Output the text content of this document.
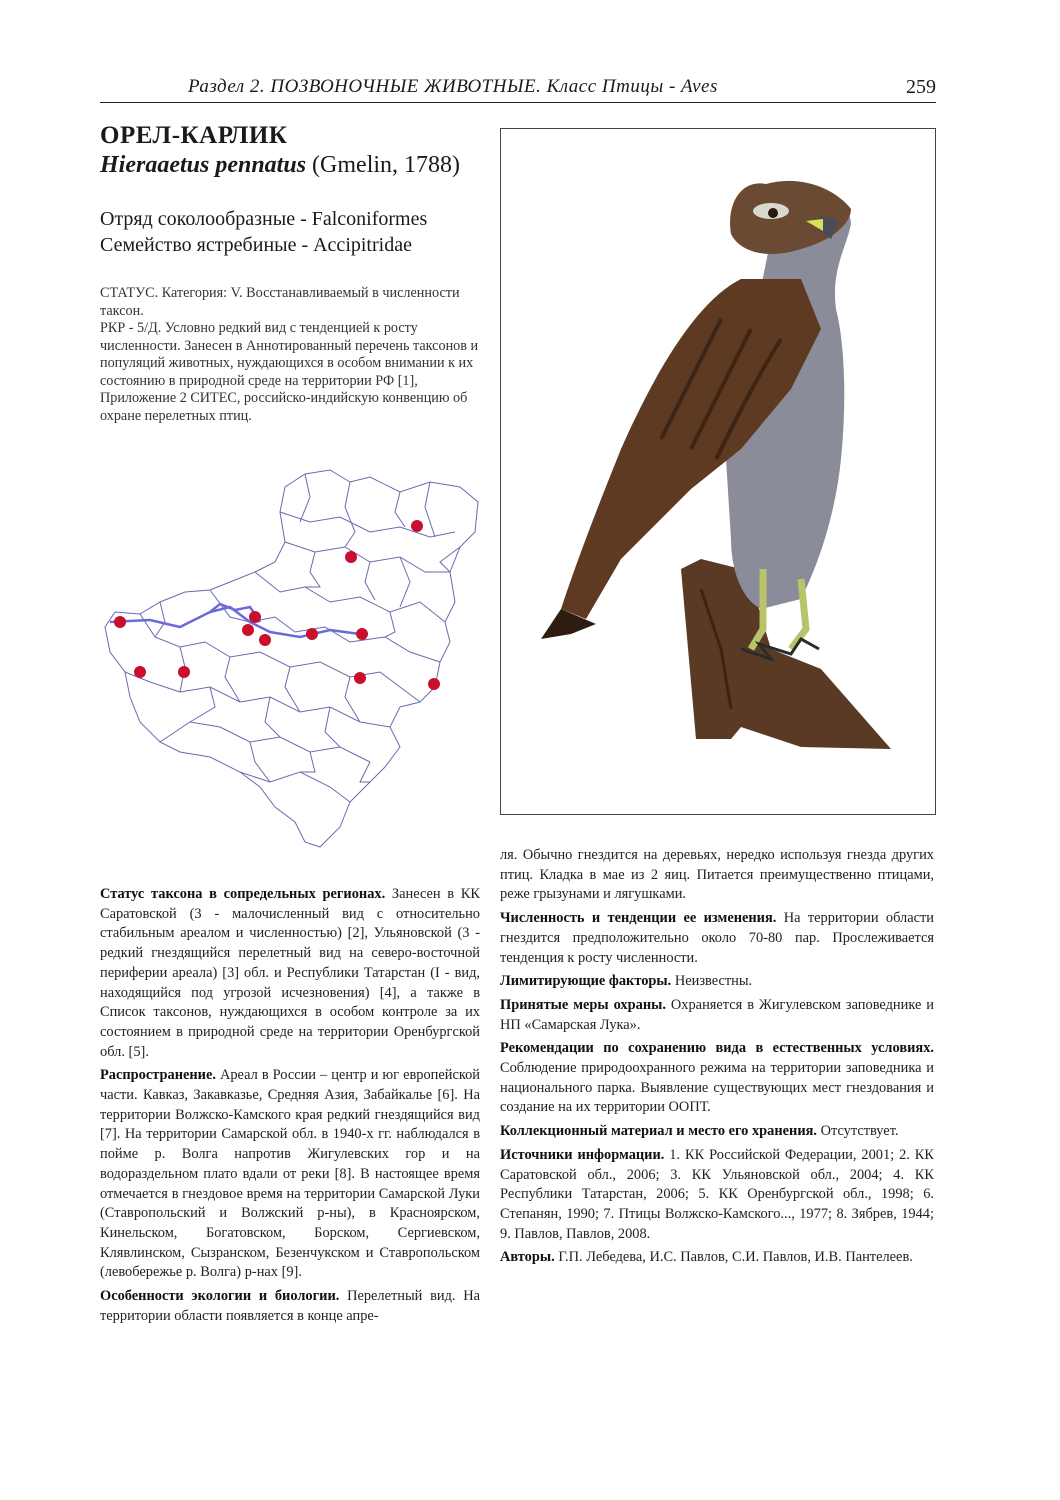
Раздел 2. ПОЗВОНОЧНЫЕ ЖИВОТНЫЕ. Класс Птицы - Aves	259
ОРЕЛ-КАРЛИК
Hieraaetus pennatus (Gmelin, 1788)
Отряд соколообразные - Falconiformes
Семейство ястребиные - Accipitridae

СТАТУС. Категория: V. Восстанавливаемый в численности таксон.

РКР - 5/Д. Условно редкий вид с тенденцией к росту численности. Занесен в Аннотированный перечень таксонов и популяций животных, нуждающихся в особом внимании к их состоянию в природной среде на территории РФ [1], Приложение 2 СИТЕС, российско-индийскую конвенцию об охране перелетных птиц.

Статус таксона в сопредельных регионах. Занесен в КК Саратовской (3 - малочисленный вид с относительно стабильным ареалом и численностью) [2], Ульяновской (3 - редкий гнездящийся перелетный вид на северо-восточной периферии ареала) [3] обл. и Республики Татарстан (I - вид, находящийся под угрозой исчезновения) [4], а также в Список таксонов, нуждающихся в особом контроле за их состоянием в природной среде на территории Оренбургской обл. [5].

Распространение. Ареал в России – центр и юг европейской части. Кавказ, Закавказье, Средняя Азия, Забайкалье [6]. На территории Волжско-Камского края редкий гнездящийся вид [7]. На территории Самарской обл. в 1940-х гг. наблюдался в пойме р. Волга напротив Жигулевских гор и на водораздельном плато вдали от реки [8]. В настоящее время отмечается в гнездовое время на территории Самарской Луки (Ставропольский и Волжский р-ны), в Красноярском, Кинельском, Богатовском, Борском, Сергиевском, Клявлинском, Сызранском, Безенчукском и Ставропольском (левобережье р. Волга) р-нах [9].

Особенности экологии и биологии. Перелетный вид. На территории области появляется в конце апре-

ля. Обычно гнездится на деревьях, нередко используя гнезда других птиц. Кладка в мае из 2 яиц. Питается преимущественно птицами, реже грызунами и лягушками.

Численность и тенденции ее изменения. На территории области гнездится предположительно около 70-80 пар. Прослеживается тенденция к росту численности.

Лимитирующие факторы. Неизвестны.

Принятые меры охраны. Охраняется в Жигулевском заповеднике и НП «Самарская Лука».

Рекомендации по сохранению вида в естественных условиях. Соблюдение природоохранного режима на территории заповедника и национального парка. Выявление существующих мест гнездования и создание на их территории ООПТ.

Коллекционный материал и место его хранения. Отсутствует.

Источники информации. 1. КК Российской Федерации, 2001; 2. КК Саратовской обл., 2006; 3. КК Ульяновской обл., 2004; 4. КК Республики Татарстан, 2006; 5. КК Оренбургской обл., 1998; 6. Степанян, 1990; 7. Птицы Волжско-Камского..., 1977; 8. Зябрев, 1944; 9. Павлов, Павлов, 2008.

Авторы. Г.П. Лебедева, И.С. Павлов, С.И. Павлов, И.В. Пантелеев.
